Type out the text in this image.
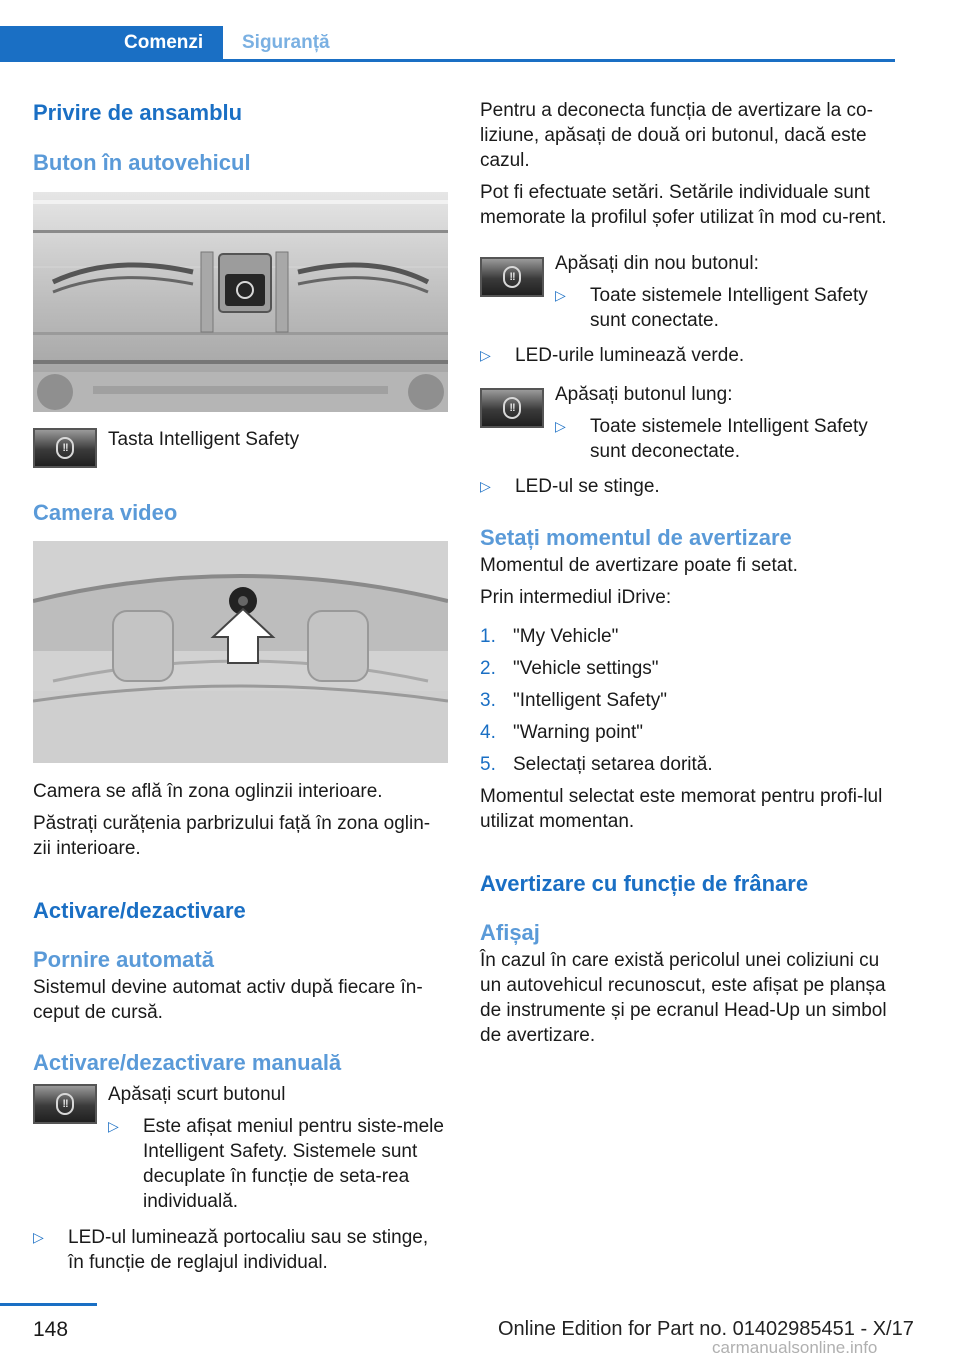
Comenzi	Siguranță
Privire de ansamblu
Buton în autovehicul
!! Tasta Intelligent Safety
Camera video

Camera se află în zona oglinzii interioare.

Păstrați curățenia parbrizului față în zona oglin‐zii interioare.

Activare/dezactivare
Pornire automată

Sistemul devine automat activ după fiecare în‐ceput de cursă.

Activare/dezactivare manuală
!! Apăsați scurt butonul
▷	Este afișat meniul pentru siste‐mele Intelligent Safety. Sistemele sunt decuplate în funcție de seta‐rea individuală.
▷	LED-ul luminează portocaliu sau se stinge, în funcție de reglajul individual.

Pentru a deconecta funcția de avertizare la co‐liziune, apăsați de două ori butonul, dacă este cazul.

Pot fi efectuate setări. Setările individuale sunt memorate la profilul șofer utilizat în mod cu‐rent.

!!
Apăsați din nou butonul:
▷	Toate sistemele Intelligent Safety sunt conectate.
▷	LED-urile luminează verde.
!!
Apăsați butonul lung:
▷	Toate sistemele Intelligent Safety sunt deconectate.
▷	LED-ul se stinge.
Setați momentul de avertizare

Momentul de avertizare poate fi setat.

Prin intermediul iDrive:

1. "My Vehicle"
2. "Vehicle settings"
3. "Intelligent Safety"
4. "Warning point"
5. Selectați setarea dorită.

Momentul selectat este memorat pentru profi‐lul utilizat momentan.

Avertizare cu funcție de frânare
Afișaj

În cazul în care există pericolul unei coliziuni cu un autovehicul recunoscut, este afișat pe planșa de instrumente și pe ecranul Head-Up un simbol de avertizare.

148	Online Edition for Part no. 01402985451 - X/17
carmanualsonline.info
